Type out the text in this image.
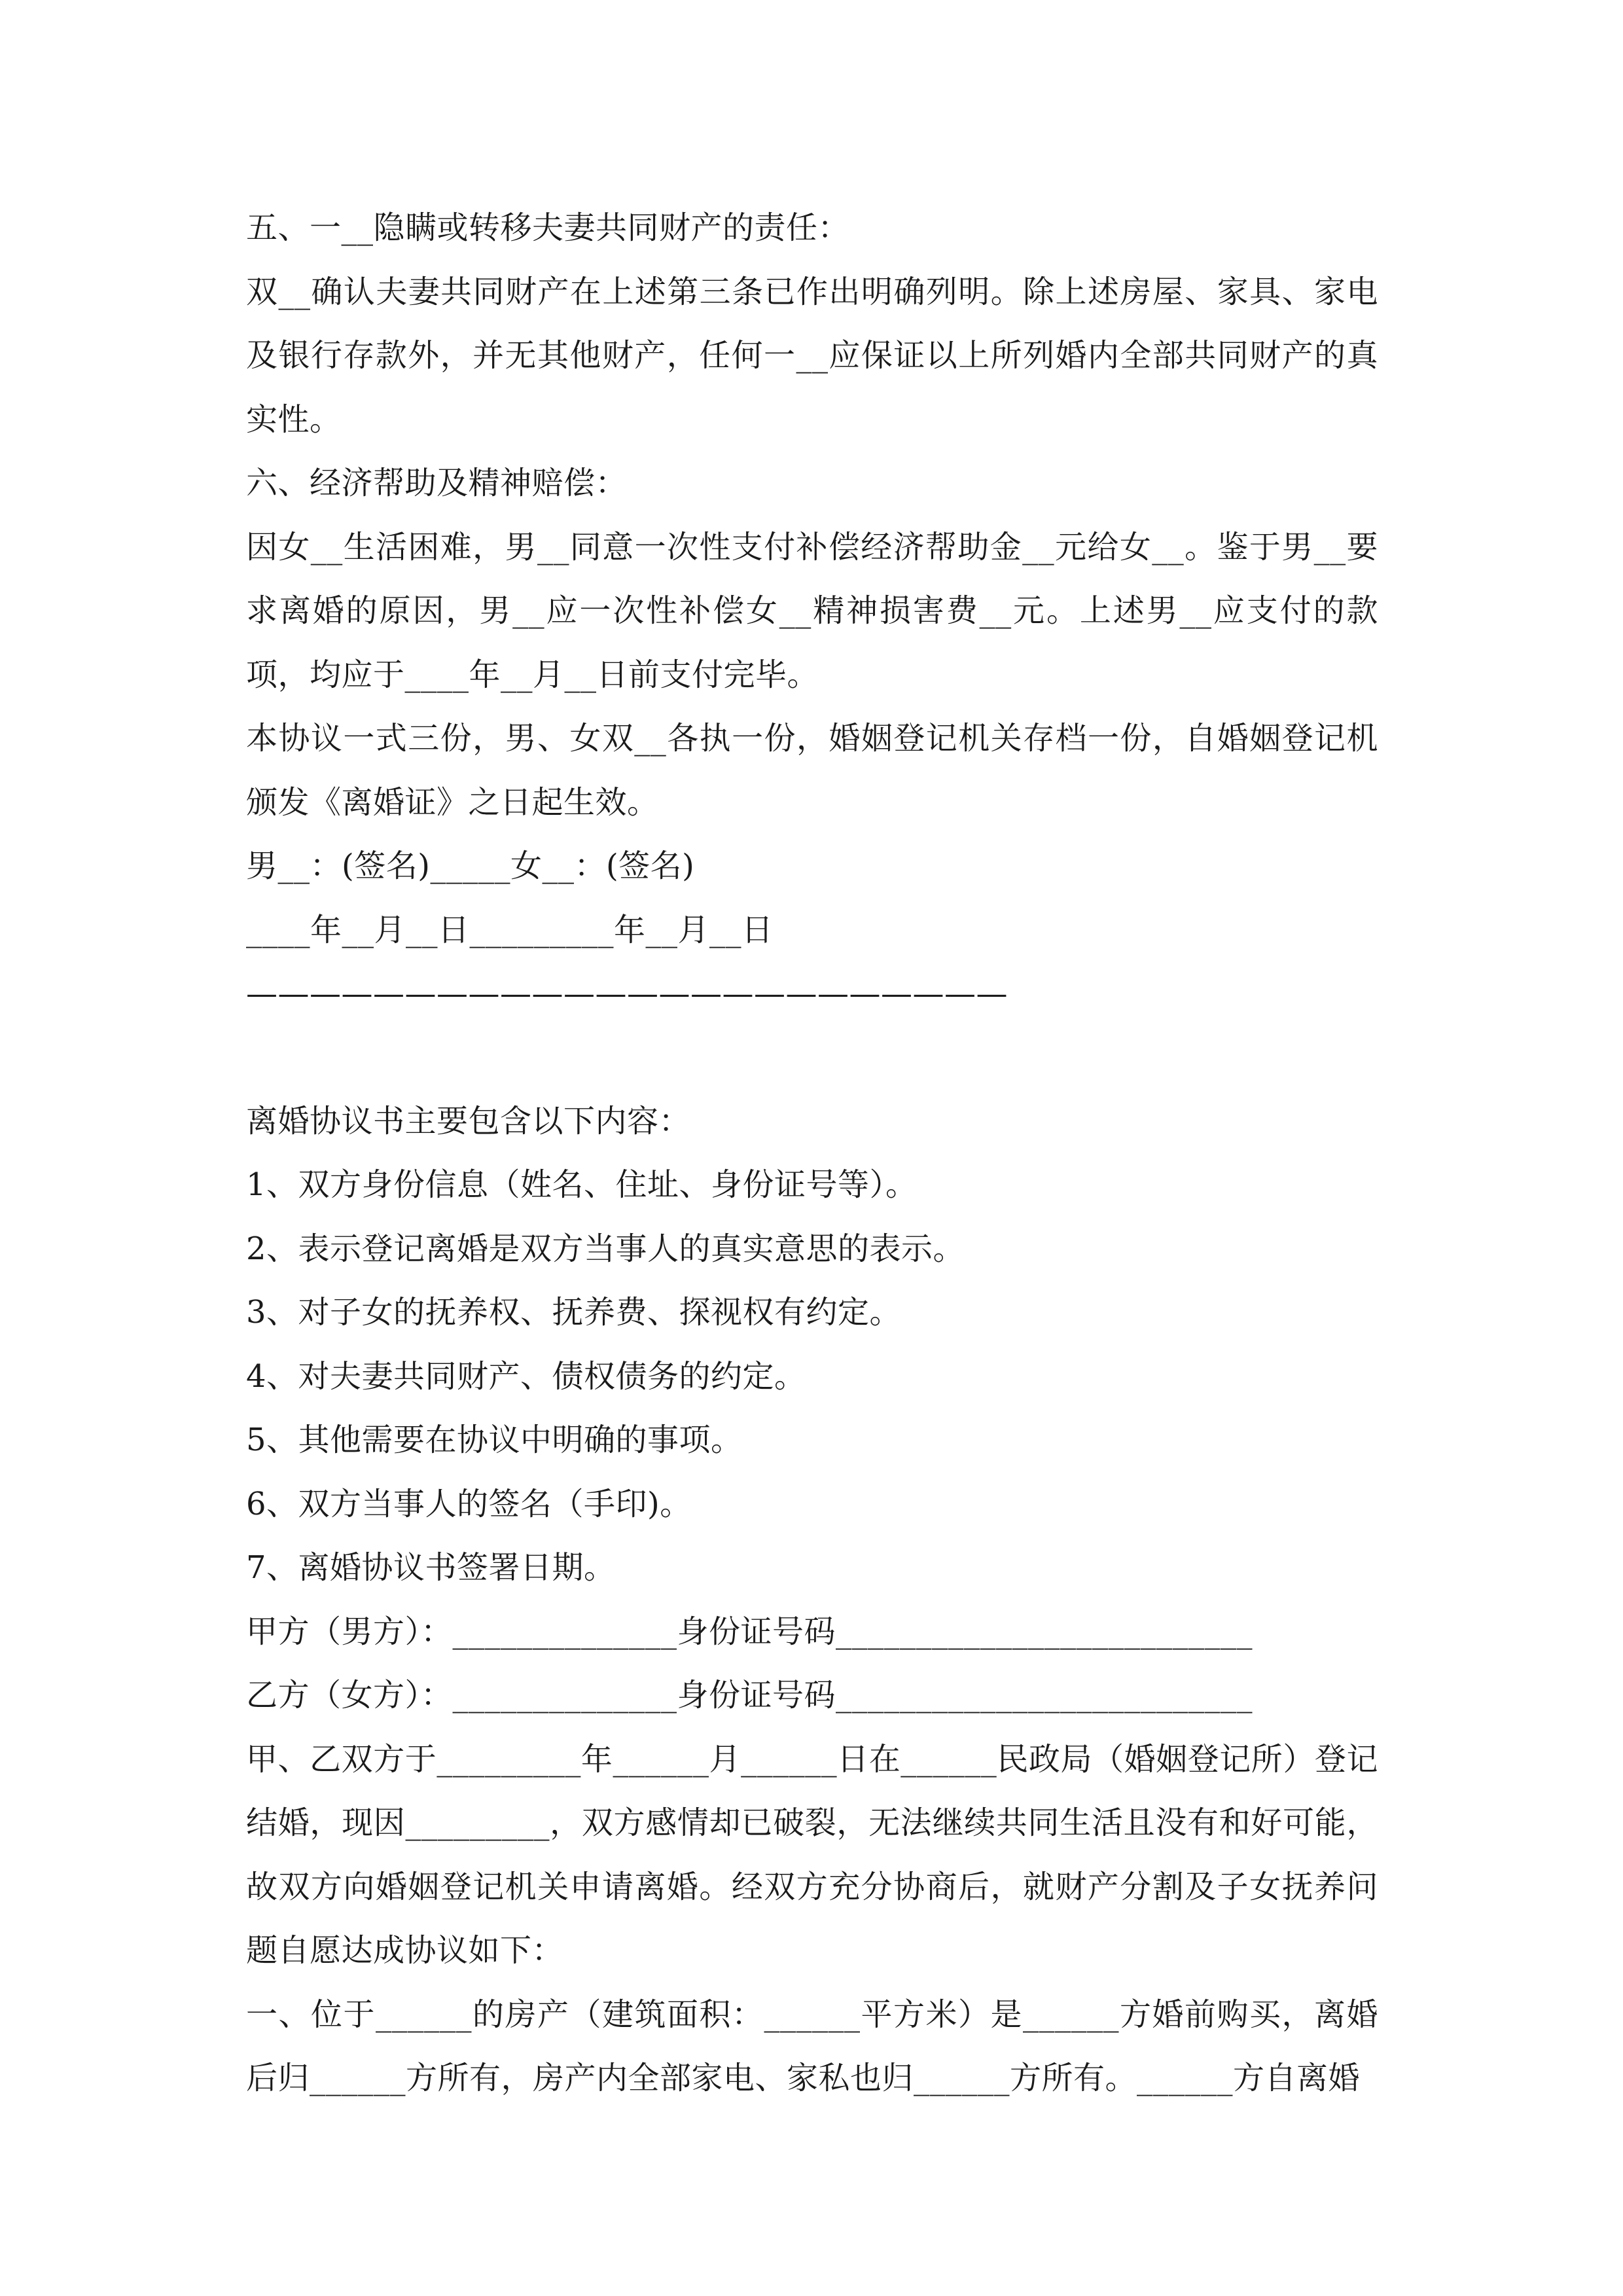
五、一__隐瞒或转移夫妻共同财产的责任：

双__确认夫妻共同财产在上述第三条已作出明确列明。除上述房屋、家具、家电及银行存款外，并无其他财产，任何一__应保证以上所列婚内全部共同财产的真实性。

六、经济帮助及精神赔偿：

因女__生活困难，男__同意一次性支付补偿经济帮助金__元给女__。鉴于男__要求离婚的原因，男__应一次性补偿女__精神损害费__元。上述男__应支付的款项，均应于____年__月__日前支付完毕。

本协议一式三份，男、女双__各执一份，婚姻登记机关存档一份，自婚姻登记机颁发《离婚证》之日起生效。

男__：(签名)_____女__：(签名)

____年__月__日_________年__月__日

————————————————————————

离婚协议书主要包含以下内容：

1、双方身份信息（姓名、住址、身份证号等）。

2、表示登记离婚是双方当事人的真实意思的表示。

3、对子女的抚养权、抚养费、探视权有约定。

4、对夫妻共同财产、债权债务的约定。

5、其他需要在协议中明确的事项。

6、双方当事人的签名（手印)。

7、离婚协议书签署日期。

甲方（男方）：______________身份证号码__________________________

乙方（女方）：______________身份证号码__________________________

甲、乙双方于_________年______月______日在______民政局（婚姻登记所）登记结婚，现因_________，双方感情却已破裂，无法继续共同生活且没有和好可能，故双方向婚姻登记机关申请离婚。经双方充分协商后，就财产分割及子女抚养问题自愿达成协议如下：

一、位于______的房产（建筑面积：______平方米）是______方婚前购买，离婚后归______方所有，房产内全部家电、家私也归______方所有。______方自离婚
